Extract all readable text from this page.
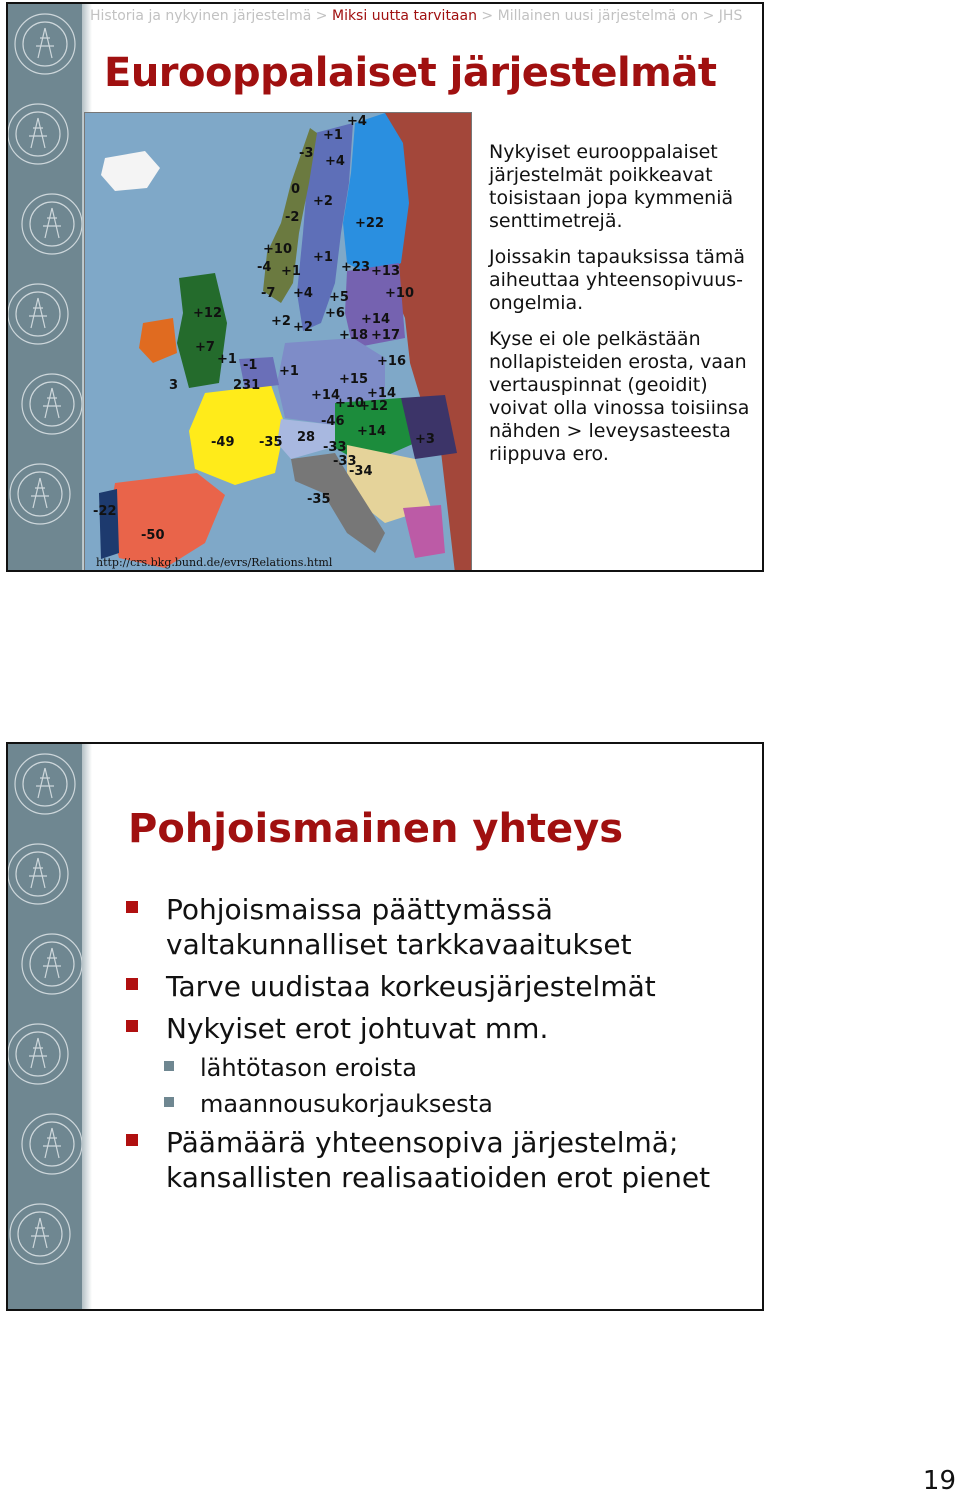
Historia ja nykyinen järjestelmä > Miksi uutta tarvitaan > Millainen uusi järjestelmä on > JHS
Eurooppalaiset järjestelmät
+4
+1
-3
+4
0
+2
-2	+22
+10
-4 +1
-7
+1
+23 +13
+4 +5	+10
+12
+2 +2
+6 +14
+7
+18 +17
-1
+1
+1
+16
3	231	+15
+14 +14
-46
+10
+12
-49 -35 28
-33
+14
+3
-33
-34
-35
-22
-50
http://crs.bkg.bund.de/evrs/Relations.html

Nykyiset eurooppalaiset järjestelmät poikkeavat toisistaan jopa kymmeniä senttimetrejä.

Joissakin tapauksissa tämä aiheuttaa yhteensopivuus-ongelmia.

Kyse ei ole pelkästään nollapisteiden erosta, vaan vertauspinnat (geoidit) voivat olla vinossa toisiinsa nähden > leveysasteesta riippuva ero.

Pohjoismainen yhteys
Pohjoismaissa päättymässä valtakunnalliset tarkkavaaitukset
Tarve uudistaa korkeusjärjestelmät
Nykyiset erot johtuvat mm.
lähtötason eroista
maannousukorjauksesta
Päämäärä yhteensopiva järjestelmä; kansallisten realisaatioiden erot pienet
19
